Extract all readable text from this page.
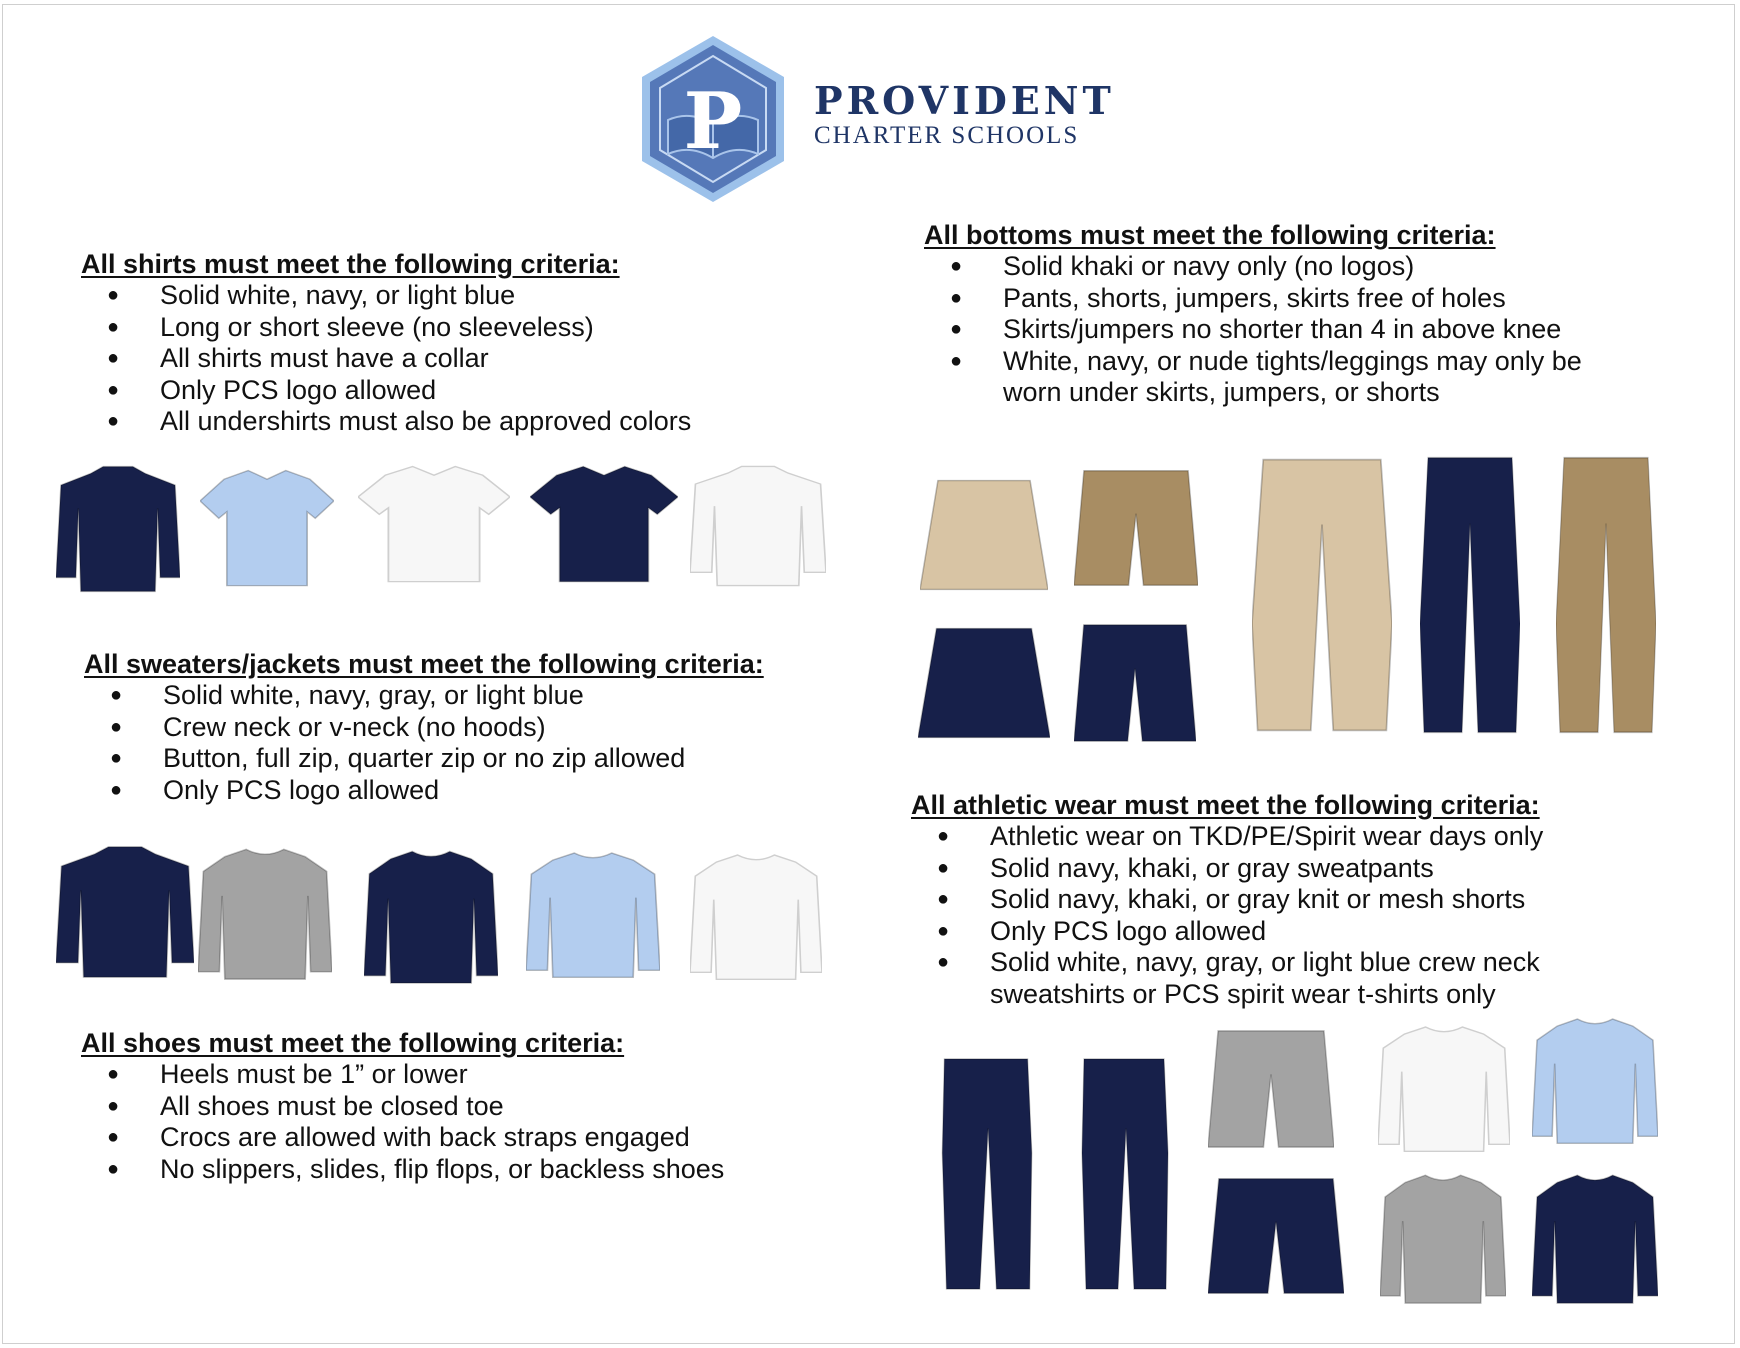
P PROVIDENT

CHARTER SCHOOLS

All shirts must meet the following criteria:
● Solid white, navy, or light blue
● Long or short sleeve (no sleeveless)
● All shirts must have a collar
● Only PCS logo allowed
● All undershirts must also be approved colors
All sweaters/jackets must meet the following criteria:
● Solid white, navy, gray, or light blue
● Crew neck or v-neck (no hoods)
● Button, full zip, quarter zip or no zip allowed
● Only PCS logo allowed
All shoes must meet the following criteria:
● Heels must be 1” or lower
● All shoes must be closed toe
● Crocs are allowed with back straps engaged
● No slippers, slides, flip flops, or backless shoes
All bottoms must meet the following criteria:
● Solid khaki or navy only (no logos)
● Pants, shorts, jumpers, skirts free of holes
● Skirts/jumpers no shorter than 4 in above knee
● White, navy, or nude tights/leggings may only be
worn under skirts, jumpers, or shorts
All athletic wear must meet the following criteria:
● Athletic wear on TKD/PE/Spirit wear days only
● Solid navy, khaki, or gray sweatpants
● Solid navy, khaki, or gray knit or mesh shorts
● Only PCS logo allowed
● Solid white, navy, gray, or light blue crew neck
sweatshirts or PCS spirit wear t-shirts only
